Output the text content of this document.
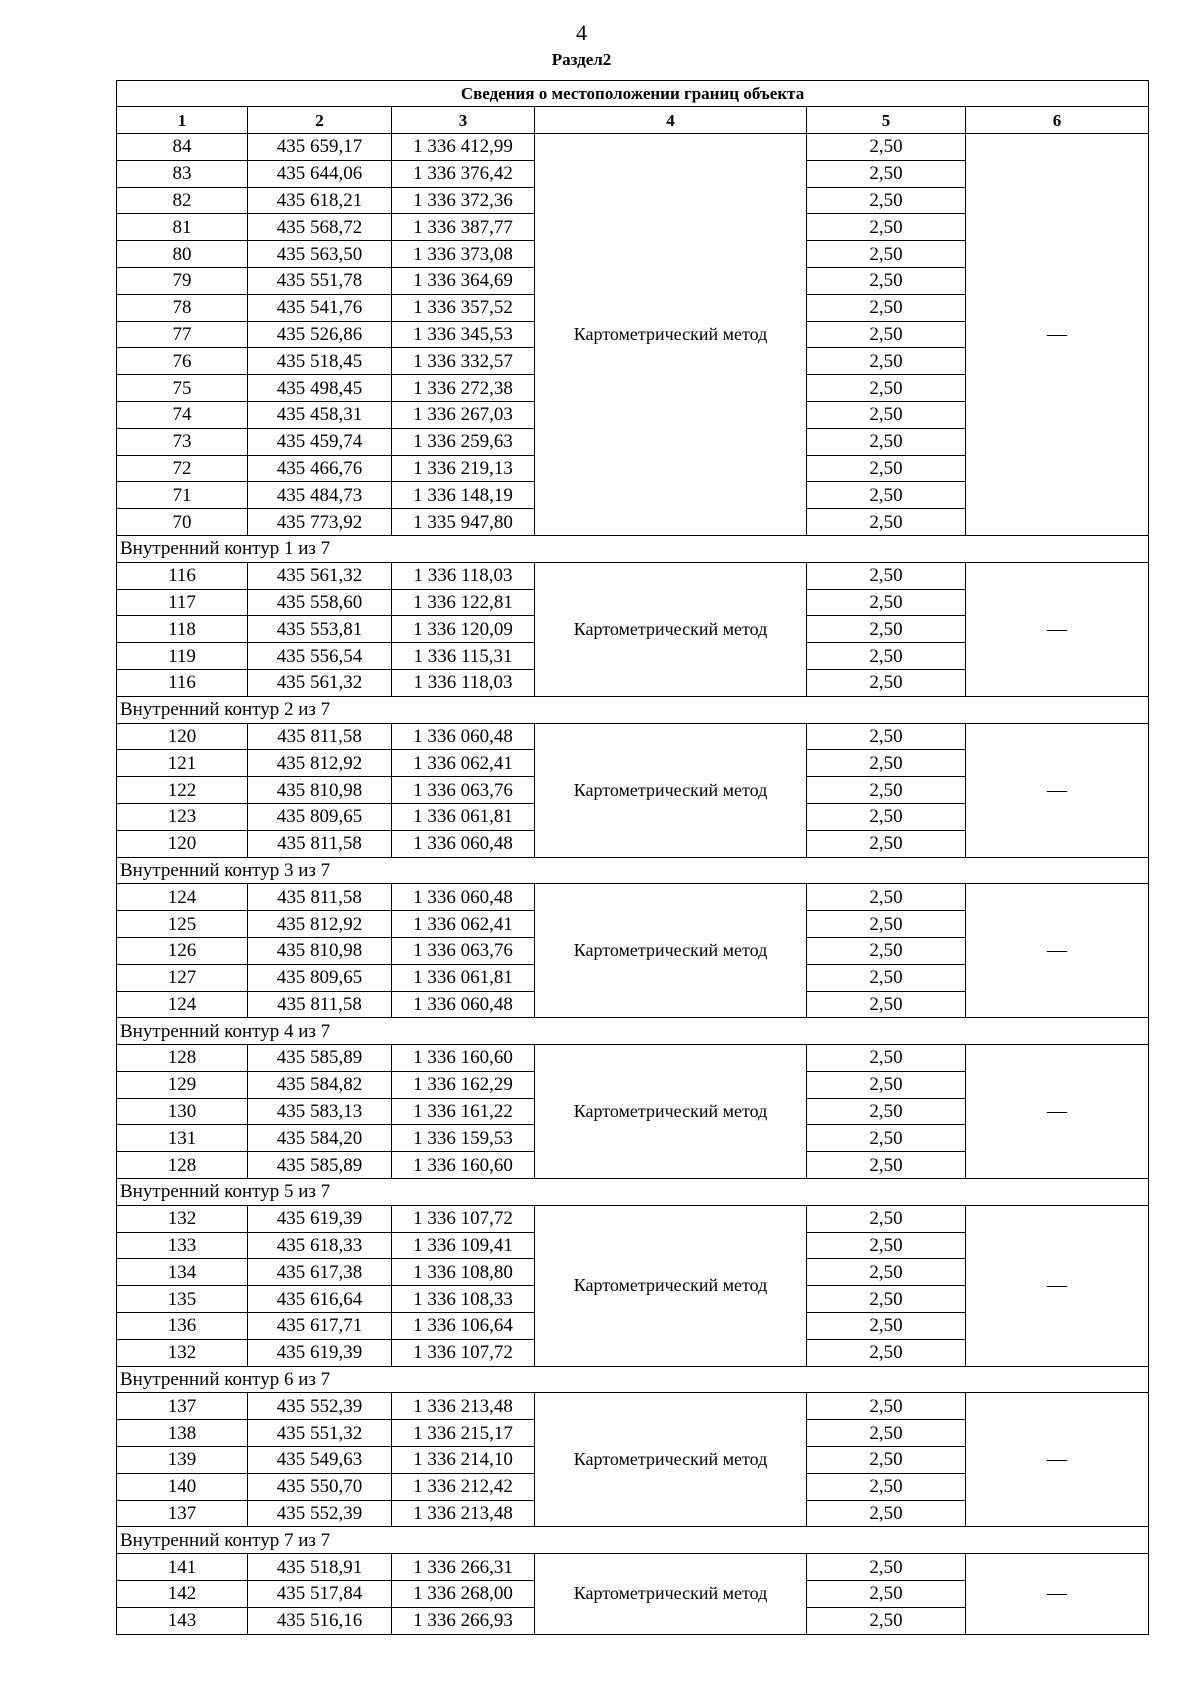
4
Раздел2
Сведения о местоположении границ объекта					
1	2	3	4	5	6
84	435 659,17	1 336 412,99	Картометрический метод	2,50	—
83	435 644,06	1 336 376,42		2,50	
82	435 618,21	1 336 372,36		2,50	
81	435 568,72	1 336 387,77		2,50	
80	435 563,50	1 336 373,08		2,50	
79	435 551,78	1 336 364,69		2,50	
78	435 541,76	1 336 357,52		2,50	
77	435 526,86	1 336 345,53		2,50	
76	435 518,45	1 336 332,57		2,50	
75	435 498,45	1 336 272,38		2,50	
74	435 458,31	1 336 267,03		2,50	
73	435 459,74	1 336 259,63		2,50	
72	435 466,76	1 336 219,13		2,50	
71	435 484,73	1 336 148,19		2,50	
70	435 773,92	1 335 947,80		2,50	
Внутренний контур 1 из 7					
116	435 561,32	1 336 118,03	Картометрический метод	2,50	—
117	435 558,60	1 336 122,81		2,50	
118	435 553,81	1 336 120,09		2,50	
119	435 556,54	1 336 115,31		2,50	
116	435 561,32	1 336 118,03		2,50	
Внутренний контур 2 из 7					
120	435 811,58	1 336 060,48	Картометрический метод	2,50	—
121	435 812,92	1 336 062,41		2,50	
122	435 810,98	1 336 063,76		2,50	
123	435 809,65	1 336 061,81		2,50	
120	435 811,58	1 336 060,48		2,50	
Внутренний контур 3 из 7					
124	435 811,58	1 336 060,48	Картометрический метод	2,50	—
125	435 812,92	1 336 062,41		2,50	
126	435 810,98	1 336 063,76		2,50	
127	435 809,65	1 336 061,81		2,50	
124	435 811,58	1 336 060,48		2,50	
Внутренний контур 4 из 7					
128	435 585,89	1 336 160,60	Картометрический метод	2,50	—
129	435 584,82	1 336 162,29		2,50	
130	435 583,13	1 336 161,22		2,50	
131	435 584,20	1 336 159,53		2,50	
128	435 585,89	1 336 160,60		2,50	
Внутренний контур 5 из 7					
132	435 619,39	1 336 107,72	Картометрический метод	2,50	—
133	435 618,33	1 336 109,41		2,50	
134	435 617,38	1 336 108,80		2,50	
135	435 616,64	1 336 108,33		2,50	
136	435 617,71	1 336 106,64		2,50	
132	435 619,39	1 336 107,72		2,50	
Внутренний контур 6 из 7					
137	435 552,39	1 336 213,48	Картометрический метод	2,50	—
138	435 551,32	1 336 215,17		2,50	
139	435 549,63	1 336 214,10		2,50	
140	435 550,70	1 336 212,42		2,50	
137	435 552,39	1 336 213,48		2,50	
Внутренний контур 7 из 7					
141	435 518,91	1 336 266,31	Картометрический метод	2,50	—
142	435 517,84	1 336 268,00		2,50	
143	435 516,16	1 336 266,93		2,50	
